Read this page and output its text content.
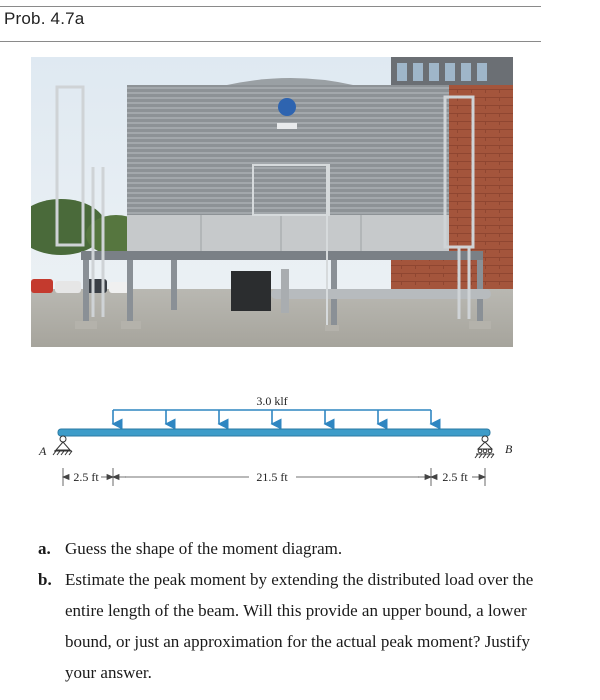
Prob. 4.7a
3.0 klf
A	B
2.5 ft	21.5 ft	2.5 ft
a. Guess the shape of the moment diagram.
b. Estimate the peak moment by extending the distributed load over the entire length of the beam. Will this provide an upper bound, a lower bound, or just an approximation for the actual peak moment? Justify your answer.
